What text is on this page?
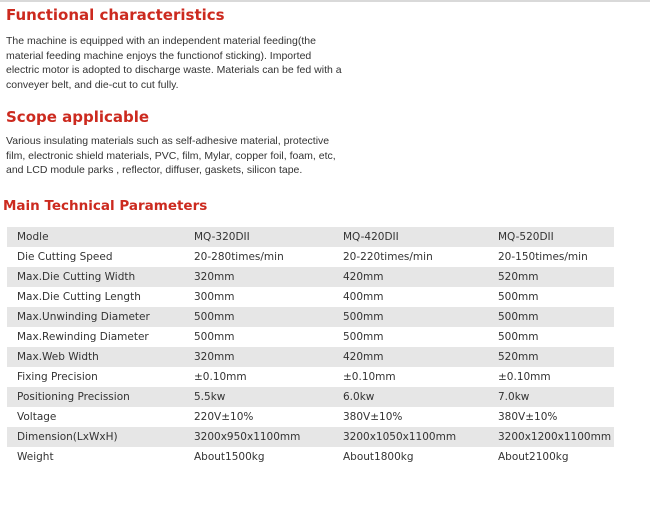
Functional characteristics
The machine is equipped with an independent material feeding(the
material feeding machine enjoys the functionof sticking). Imported
electric motor is adopted to discharge waste. Materials can be fed with a
conveyer belt, and die-cut to cut fully.
Scope applicable
Various insulating materials such as self-adhesive material, protective
film, electronic shield materials, PVC, film, Mylar, copper foil, foam, etc,
and LCD module parks , reflector, diffuser, gaskets, silicon tape.
Main Technical Parameters
Modle	MQ-320DII	MQ-420DII	MQ-520DII
Die Cutting Speed	20-280times/min	20-220times/min	20-150times/min
Max.Die Cutting Width	320mm	420mm	520mm
Max.Die Cutting Length	300mm	400mm	500mm
Max.Unwinding Diameter	500mm	500mm	500mm
Max.Rewinding Diameter	500mm	500mm	500mm
Max.Web Width	320mm	420mm	520mm
Fixing Precision	±0.10mm	±0.10mm	±0.10mm
Positioning Precission	5.5kw	6.0kw	7.0kw
Voltage	220V±10%	380V±10%	380V±10%
Dimension(LxWxH)	3200x950x1100mm	3200x1050x1100mm	3200x1200x1100mm
Weight	About1500kg	About1800kg	About2100kg
